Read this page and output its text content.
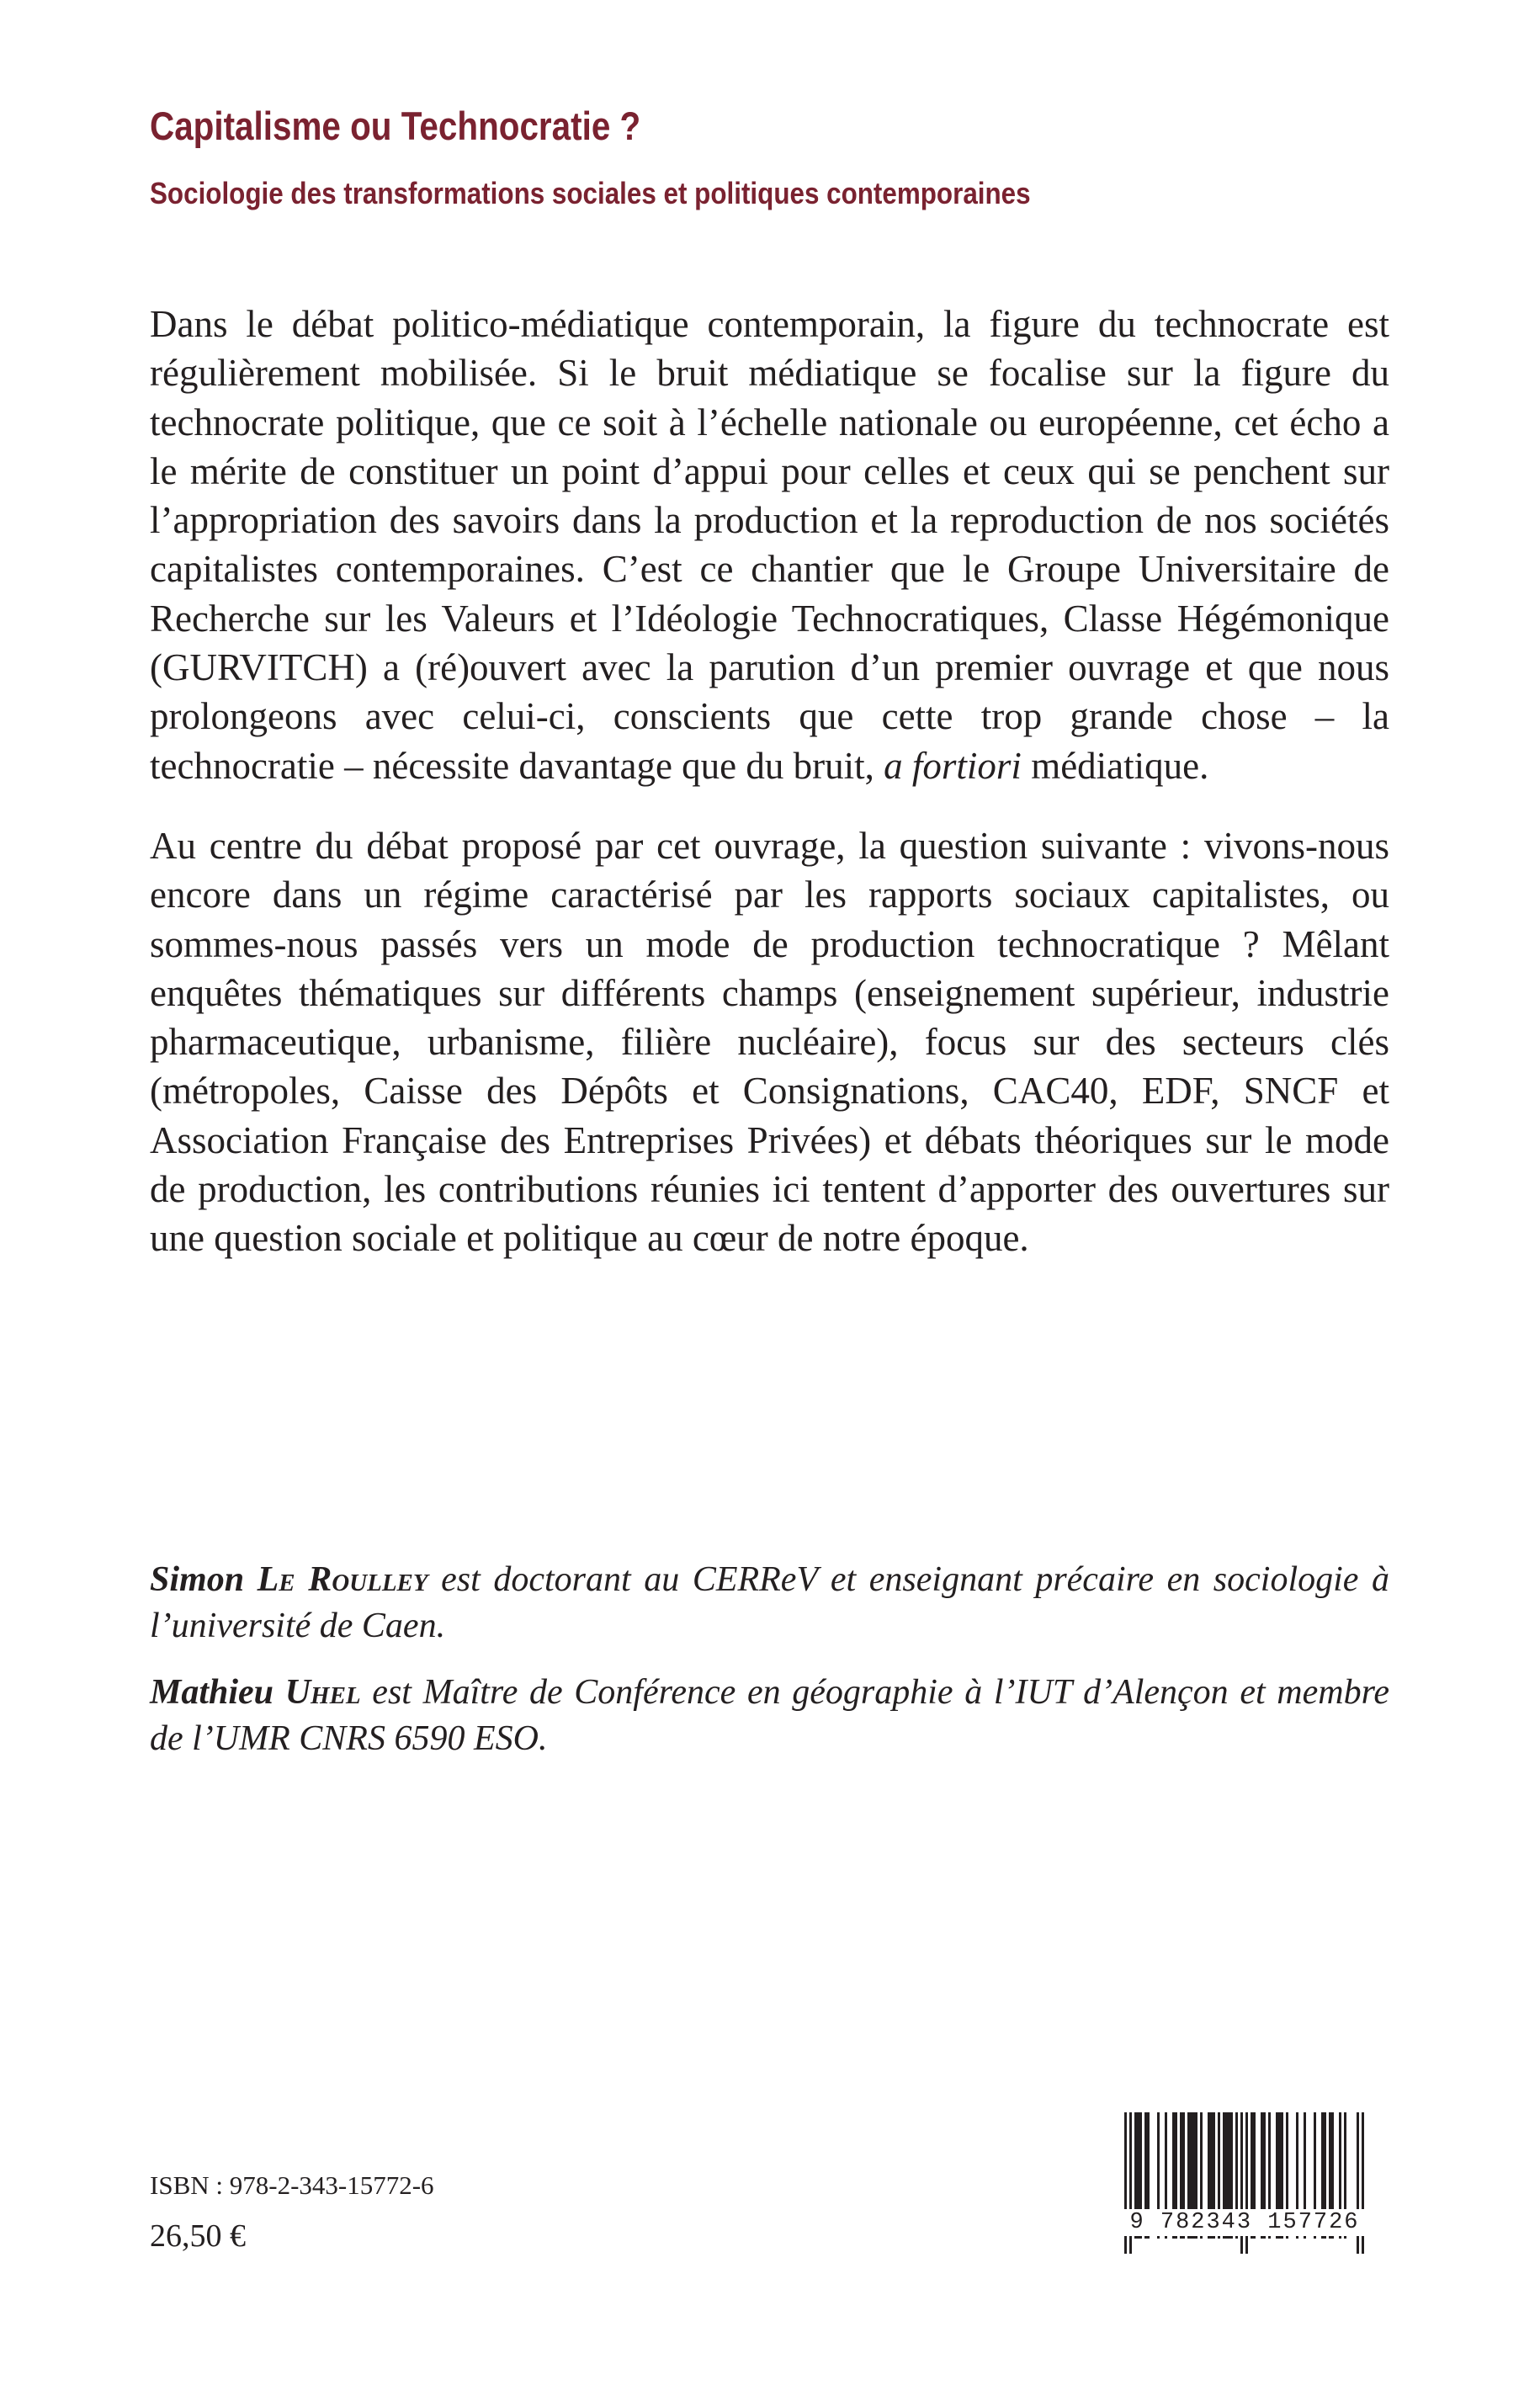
Capitalisme ou Technocratie ?
Sociologie des transformations sociales et politiques contemporaines

Dans le débat politico-médiatique contemporain, la figure du technocrate est régulièrement mobilisée. Si le bruit médiatique se focalise sur la figure du technocrate politique, que ce soit à l’échelle nationale ou européenne, cet écho a le mérite de constituer un point d’appui pour celles et ceux qui se penchent sur l’appropriation des savoirs dans la production et la reproduction de nos sociétés capitalistes contemporaines. C’est ce chantier que le Groupe Universitaire de Recherche sur les Valeurs et l’Idéologie Technocratiques, Classe Hégémonique (GURVITCH) a (ré)ouvert avec la parution d’un premier ouvrage et que nous prolongeons avec celui-ci, conscients que cette trop grande chose – la technocratie – nécessite davantage que du bruit, a fortiori médiatique.

Au centre du débat proposé par cet ouvrage, la question suivante : vivons-nous encore dans un régime caractérisé par les rapports sociaux capitalistes, ou sommes-nous passés vers un mode de production technocratique ? Mêlant enquêtes thématiques sur différents champs (enseignement supérieur, industrie pharmaceutique, urbanisme, filière nucléaire), focus sur des secteurs clés (métropoles, Caisse des Dépôts et Consignations, CAC40, EDF, SNCF et Association Française des Entreprises Privées) et débats théoriques sur le mode de production, les contributions réunies ici tentent d’apporter des ouvertures sur une question sociale et politique au cœur de notre époque.

Simon Le Roulley est doctorant au CERReV et enseignant précaire en sociologie à l’université de Caen.

Mathieu Uhel est Maître de Conférence en géographie à l’IUT d’Alençon et membre de l’UMR CNRS 6590 ESO.

ISBN : 978-2-343-15772-6
26,50 €	9 782343 157726
